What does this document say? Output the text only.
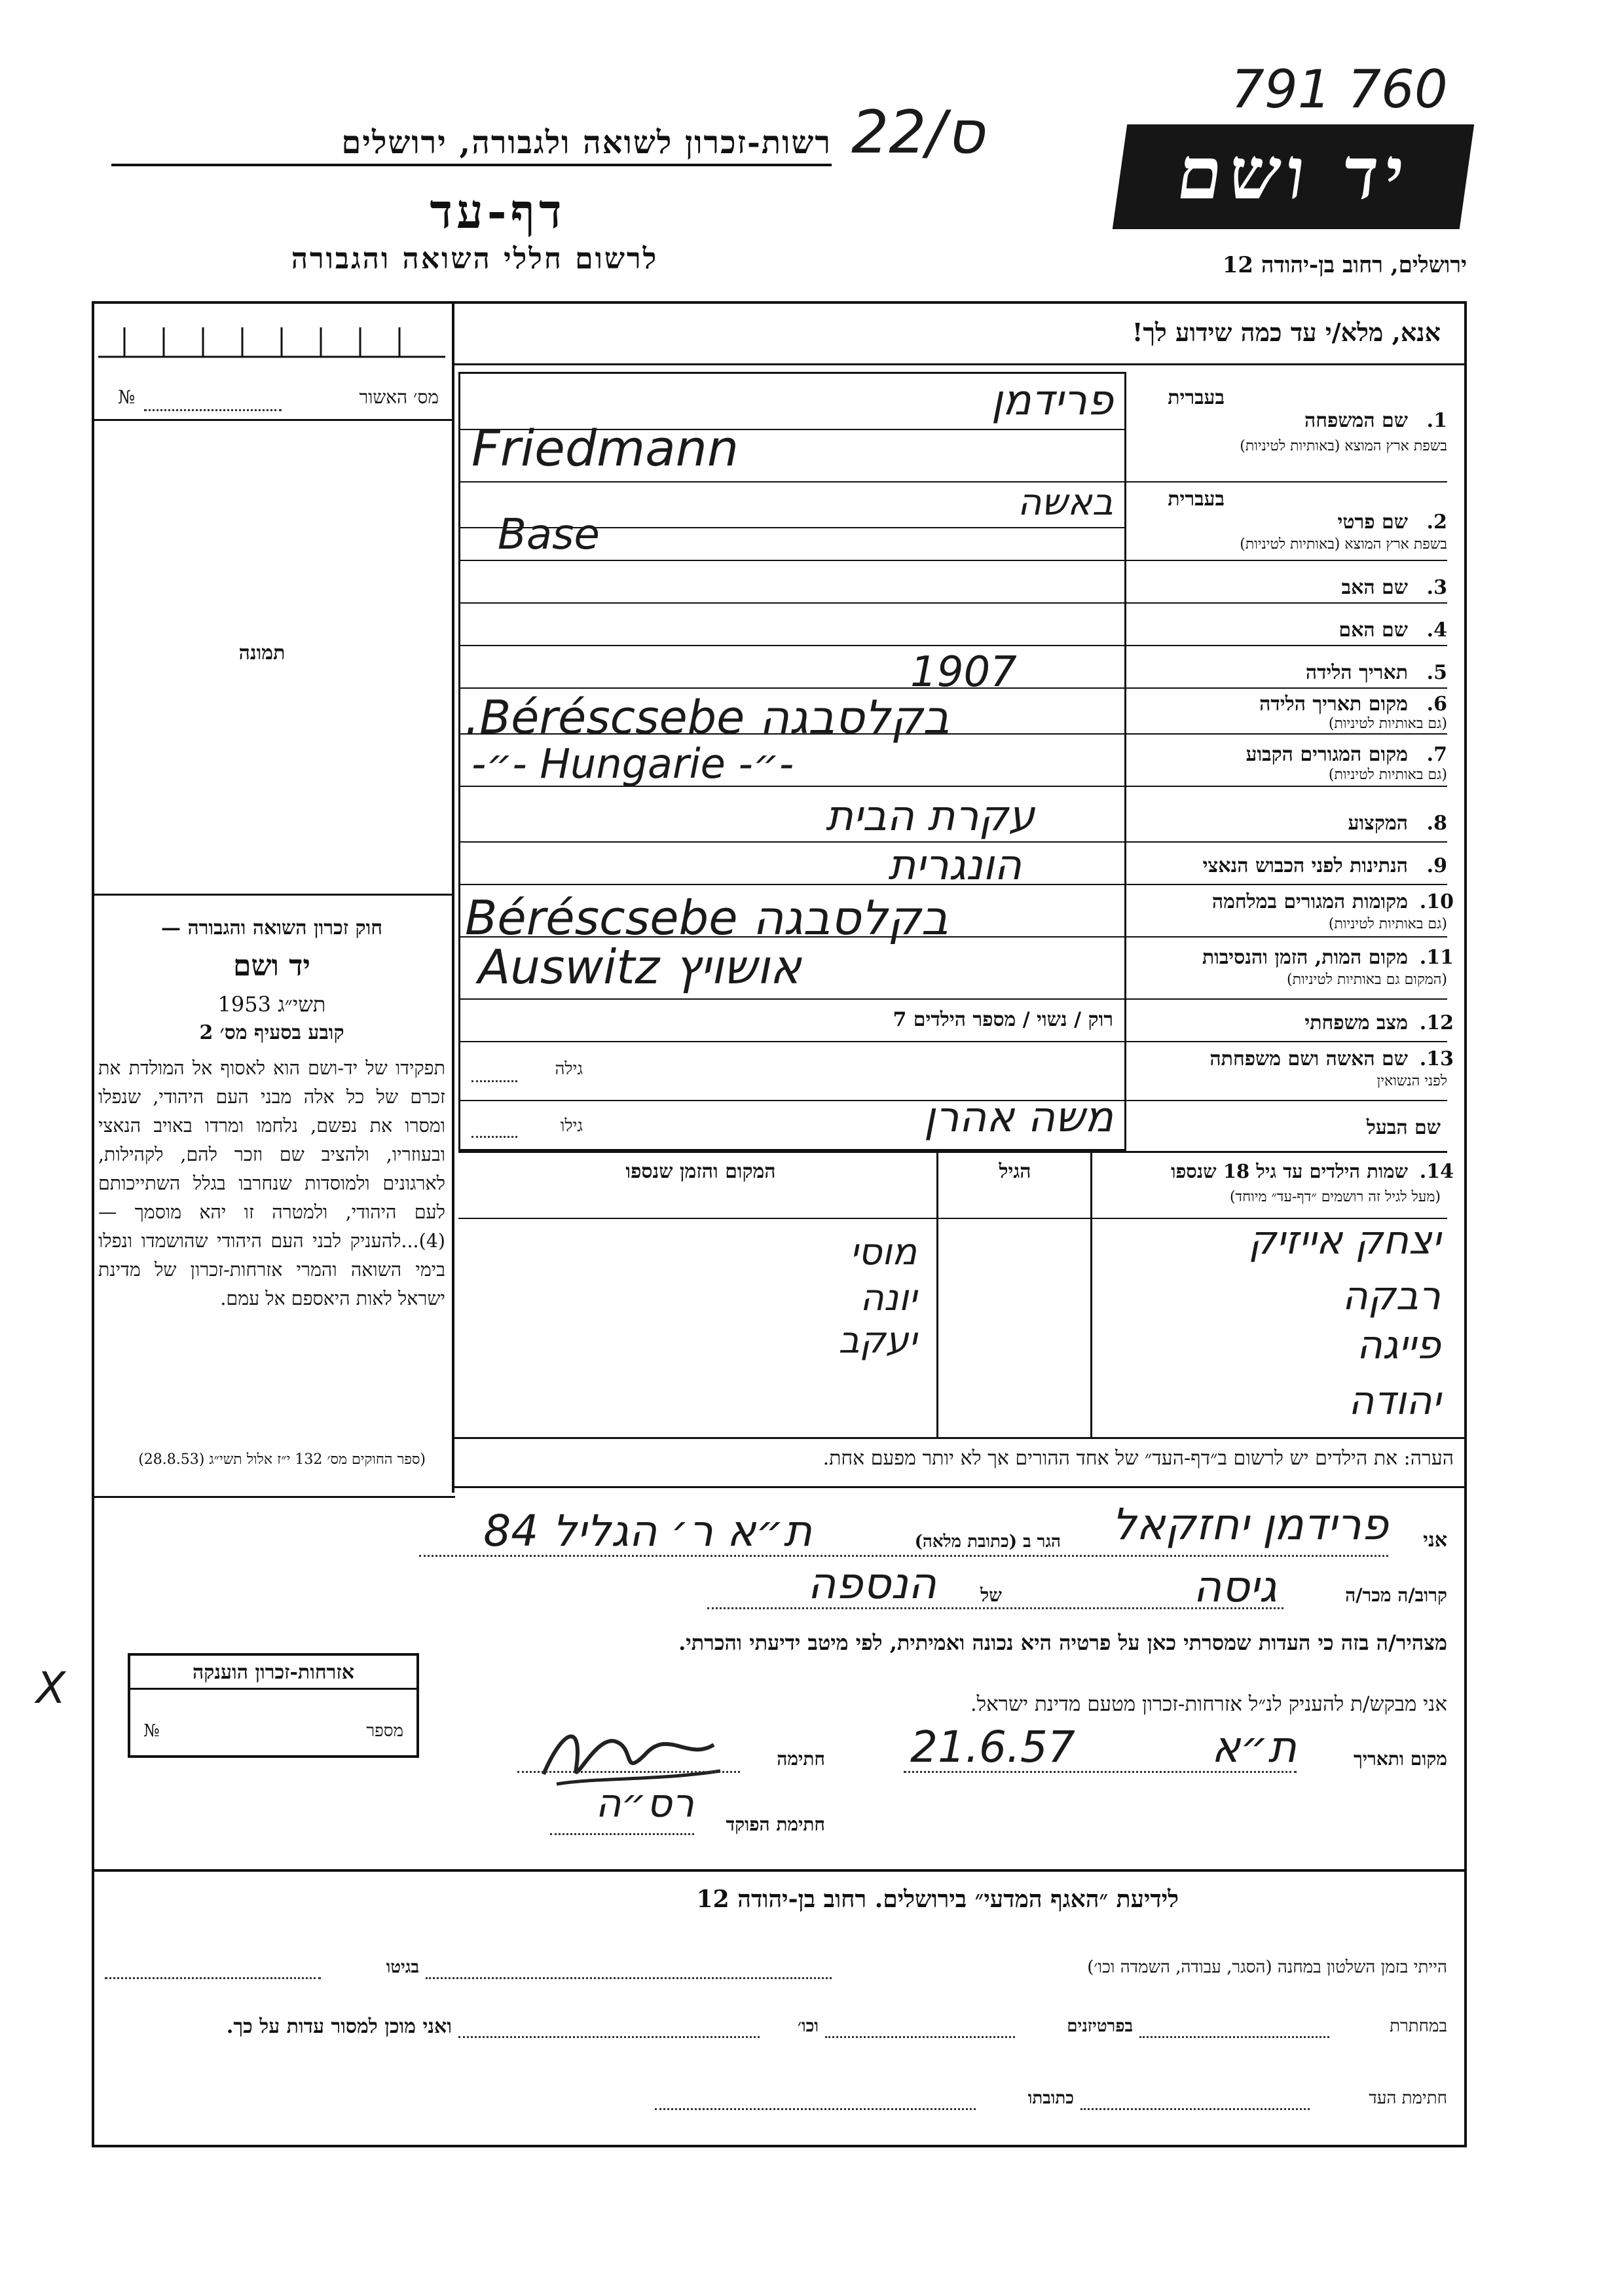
רשות-זכרון לשואה ולגבורה, ירושלים ס/22
דף-עד
לרשום חללי השואה והגבורה
791 760
יד ושם
ירושלים, רחוב בן-יהודה 12
אנא, מלא/י עד כמה שידוע לך!
מס׳ האשור
№
תמונה
בעברית
1.
שם המשפחה
בשפת ארץ המוצא (באותיות לטיניות)
בעברית
2.
שם פרטי
בשפת ארץ המוצא (באותיות לטיניות)
3.
שם האב
4.
שם האם
5.
תאריך הלידה
6.
מקום תאריך הלידה
(גם באותיות לטיניות)
7.
מקום המגורים הקבוע
(גם באותיות לטיניות)
8.
המקצוע
9.
הנתינות לפני הכבוש הנאצי
10.
מקומות המגורים במלחמה
(גם באותיות לטיניות)
11.
מקום המות, הזמן והנסיבות
(המקום גם באותיות לטיניות)
12.
מצב משפחתי
13.
שם האשה ושם משפחתה
לפני הנשואין
שם הבעל
פרידמן
Friedmann
באשה
Base
1907
בקלסבגה Béréscsebe.
-״- Hungarie -״-
עקרת הבית
הונגרית
בקלסבגה Béréscsebe
אושויץ Auswitz
רוק / נשוי / מספר הילדים 7
גילה
משה אהרן
גילו
14.
שמות הילדים עד גיל 18 שנספו
(מעל לגיל זה רושמים ״דף-עד״ מיוחד)
הגיל
המקום והזמן שנספו
יצחק אייזיק
רבקה
פייגה
יהודה
מוסי
יונה
יעקב
חוק זכרון השואה והגבורה —
יד ושם
תשי״ג 1953
קובע בסעיף מס׳ 2
תפקידו של יד-ושם הוא לאסוף אל המולדת את זכרם של כל אלה מבני העם היהודי, שנפלו ומסרו את נפשם, נלחמו ומרדו באויב הנאצי ובעוזריו, ולהציב שם וזכר להם, לקהילות, לארגונים ולמוסדות שנחרבו בגלל השתייכותם לעם היהודי, ולמטרה זו יהא מוסמך — (4)...להעניק לבני העם היהודי שהושמדו ונפלו בימי השואה והמרי אזרחות-זכרון של מדינת ישראל לאות היאספם אל עמם.
(ספר החוקים מס׳ 132 י״ז אלול תשי״ג (28.8.53)	הערה: את הילדים יש לרשום ב״דף-העד״ של אחד ההורים אך לא יותר מפעם אחת.
אני
פרידמן יחזקאל
הגר ב (כתובת מלאה)
ת״א ר׳ הגליל 84
קרוב/ה מכר/ה
גיסה
של
הנספה
מצהיר/ה בזה כי העדות שמסרתי כאן על פרטיה היא נכונה ואמיתית, לפי מיטב ידיעתי והכרתי.
אני מבקש/ת להעניק לנ״ל אזרחות-זכרון מטעם מדינת ישראל.
מקום ותאריך
ת״א
21.6.57
חתימה
חתימת הפוקד
רס״ה
אזרחות-זכרון הוענקה
מספר
№
X
לידיעת ״האגף המדעי״ בירושלים. רחוב בן-יהודה 12
הייתי בזמן השלטון במחנה (הסגר, עבודה, השמדה וכו׳)
בגיטו
במחתרת
בפרטיזנים
וכו׳
ואני מוכן למסור עדות על כך.
חתימת העד
כתובתו
